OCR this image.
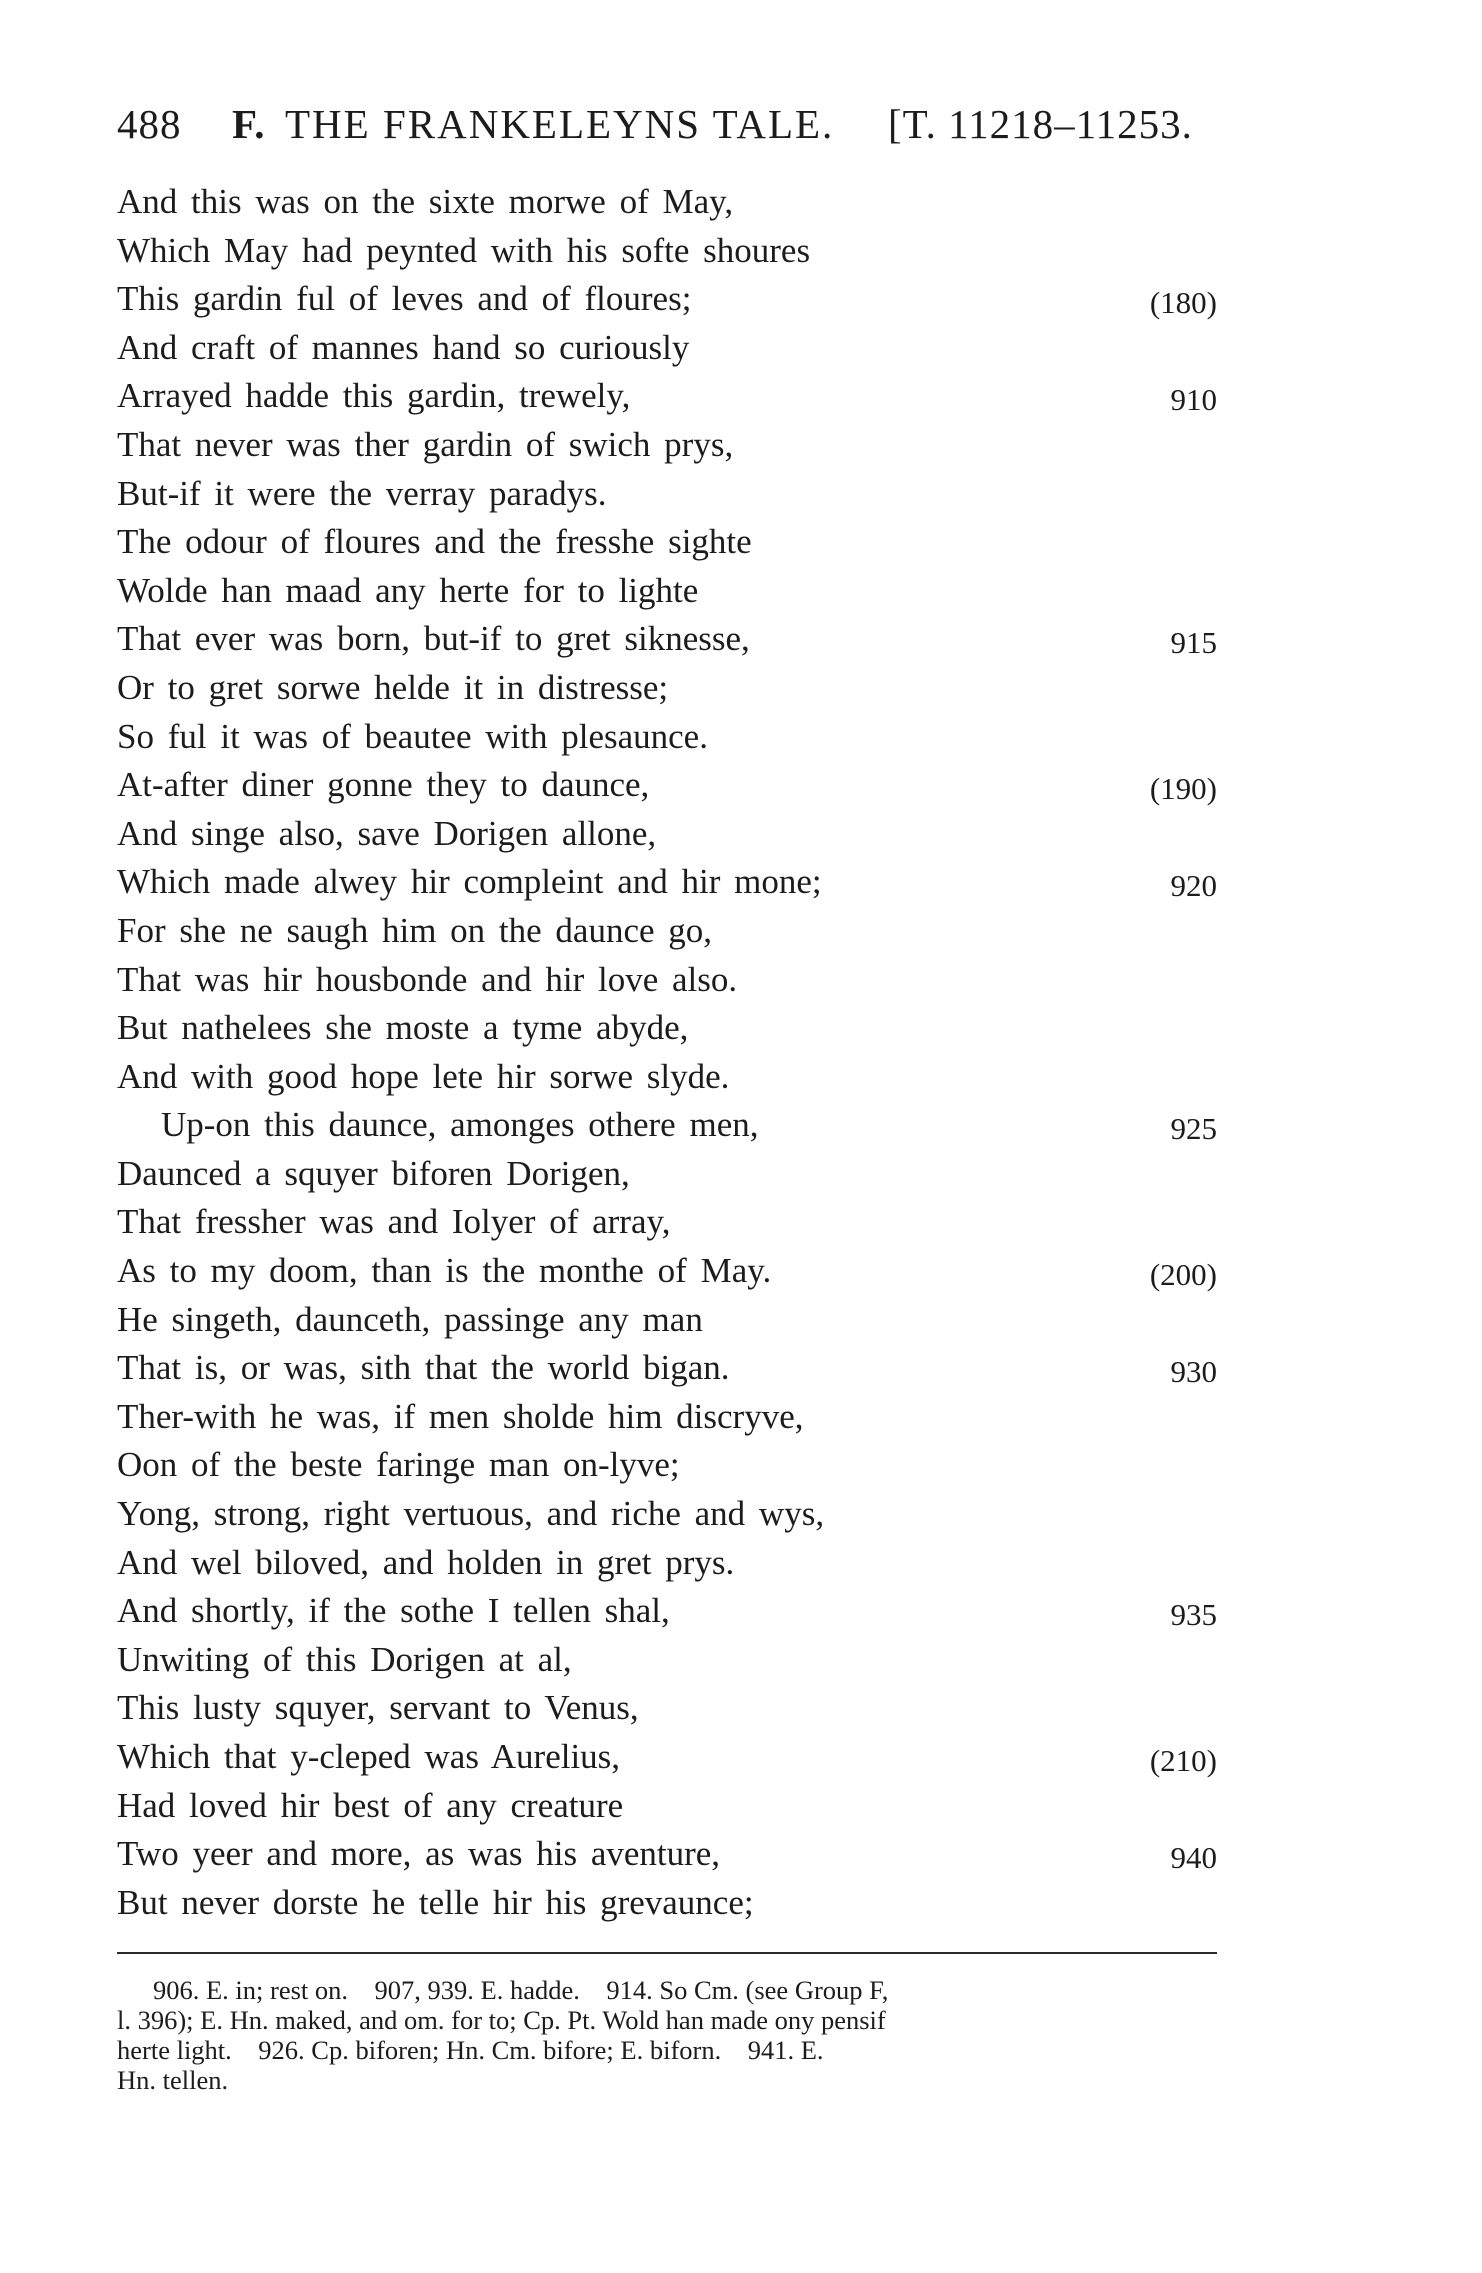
488 F. THE FRANKELEYNS TALE. [T. 11218–11253.
And this was on the sixte morwe of May,
Which May had peynted with his softe shoures
This gardin ful of leves and of floures;	(180)
And craft of mannes hand so curiously
Arrayed hadde this gardin, trewely,	910
That never was ther gardin of swich prys,
But-if it were the verray paradys.
The odour of floures and the fresshe sighte
Wolde han maad any herte for to lighte
That ever was born, but-if to gret siknesse,	915
Or to gret sorwe helde it in distresse;
So ful it was of beautee with plesaunce.
At-after diner gonne they to daunce,	(190)
And singe also, save Dorigen allone,
Which made alwey hir compleint and hir mone;	920
For she ne saugh him on the daunce go,
That was hir housbonde and hir love also.
But nathelees she moste a tyme abyde,
And with good hope lete hir sorwe slyde.
Up-on this daunce, amonges othere men,	925
Daunced a squyer biforen Dorigen,
That fressher was and Iolyer of array,
As to my doom, than is the monthe of May.	(200)
He singeth, daunceth, passinge any man
That is, or was, sith that the world bigan.	930
Ther-with he was, if men sholde him discryve,
Oon of the beste faringe man on-lyve;
Yong, strong, right vertuous, and riche and wys,
And wel biloved, and holden in gret prys.
And shortly, if the sothe I tellen shal,	935
Unwiting of this Dorigen at al,
This lusty squyer, servant to Venus,
Which that y-cleped was Aurelius,	(210)
Had loved hir best of any creature
Two yeer and more, as was his aventure,	940
But never dorste he telle hir his grevaunce;
906. E. in; rest on.    907, 939. E. hadde.    914. So Cm. (see Group F,
l. 396); E. Hn. maked, and om. for to; Cp. Pt. Wold han made ony pensif
herte light.    926. Cp. biforen; Hn. Cm. bifore; E. biforn.    941. E.
Hn. tellen.
